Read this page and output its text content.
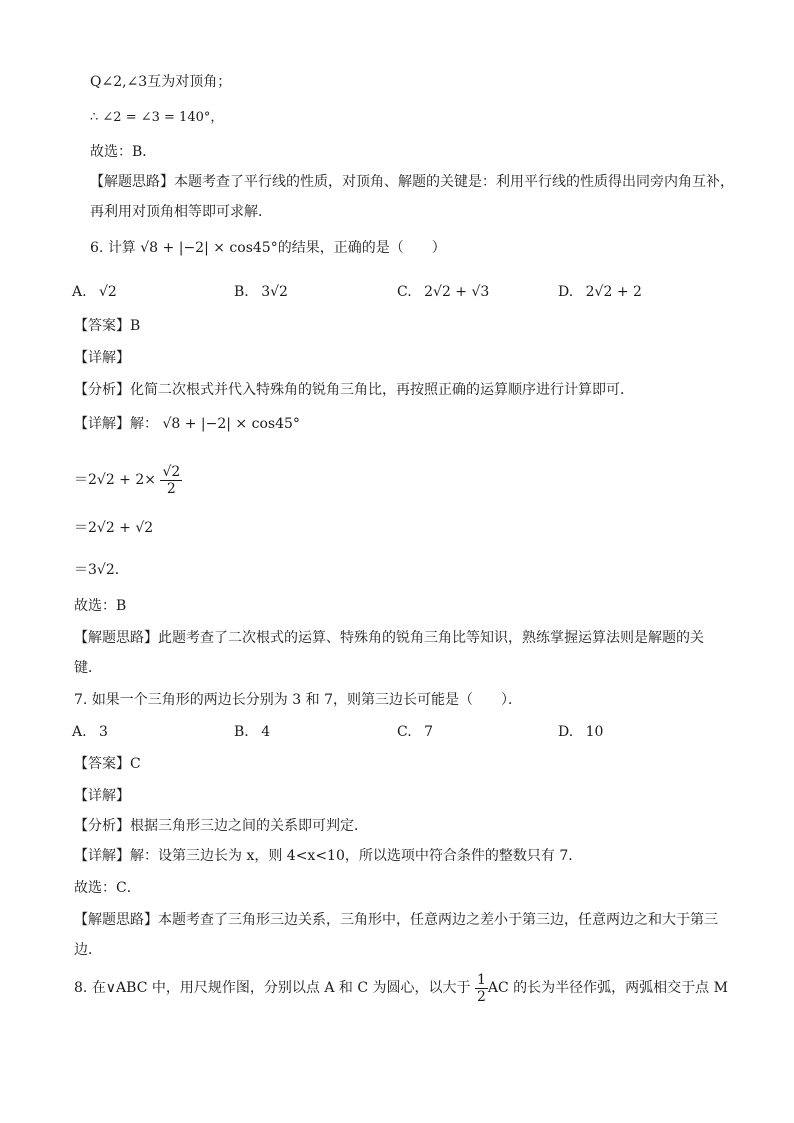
Q∠2,∠3互为对顶角；
∴ ∠2 = ∠3 = 140°，
故选：B．
【解题思路】本题考查了平行线的性质，对顶角、解题的关键是：利用平行线的性质得出同旁内角互补，
再利用对顶角相等即可求解．
6. 计算 √8 + |−2| × cos45°的结果，正确的是（　　）
A. √2	B. 3√2	C. 2√2 + √3	D. 2√2 + 2
【答案】B
【详解】
【分析】化简二次根式并代入特殊角的锐角三角比，再按照正确的运算顺序进行计算即可．
【详解】解： √8 + |−2| × cos45°
$=2√2 + 2\times \frac{√2}{2}$
＝2√2 + √2
＝3√2．
故选：B
【解题思路】此题考查了二次根式的运算、特殊角的锐角三角比等知识，熟练掌握运算法则是解题的关
键．
7. 如果一个三角形的两边长分别为 3 和 7，则第三边长可能是（　　）．
A. 3	B. 4	C. 7	D. 10
【答案】C
【详解】
【分析】根据三角形三边之间的关系即可判定．
【详解】解：设第三边长为 x，则 4<x<10，所以选项中符合条件的整数只有 7．
故选：C．
【解题思路】本题考查了三角形三边关系，三角形中，任意两边之差小于第三边，任意两边之和大于第三
边．
8. 在∨ABC 中，用尺规作图，分别以点 A 和 C 为圆心，以大于 $\frac{1}{2}$ AC 的长为半径作弧，两弧相交于点 M
